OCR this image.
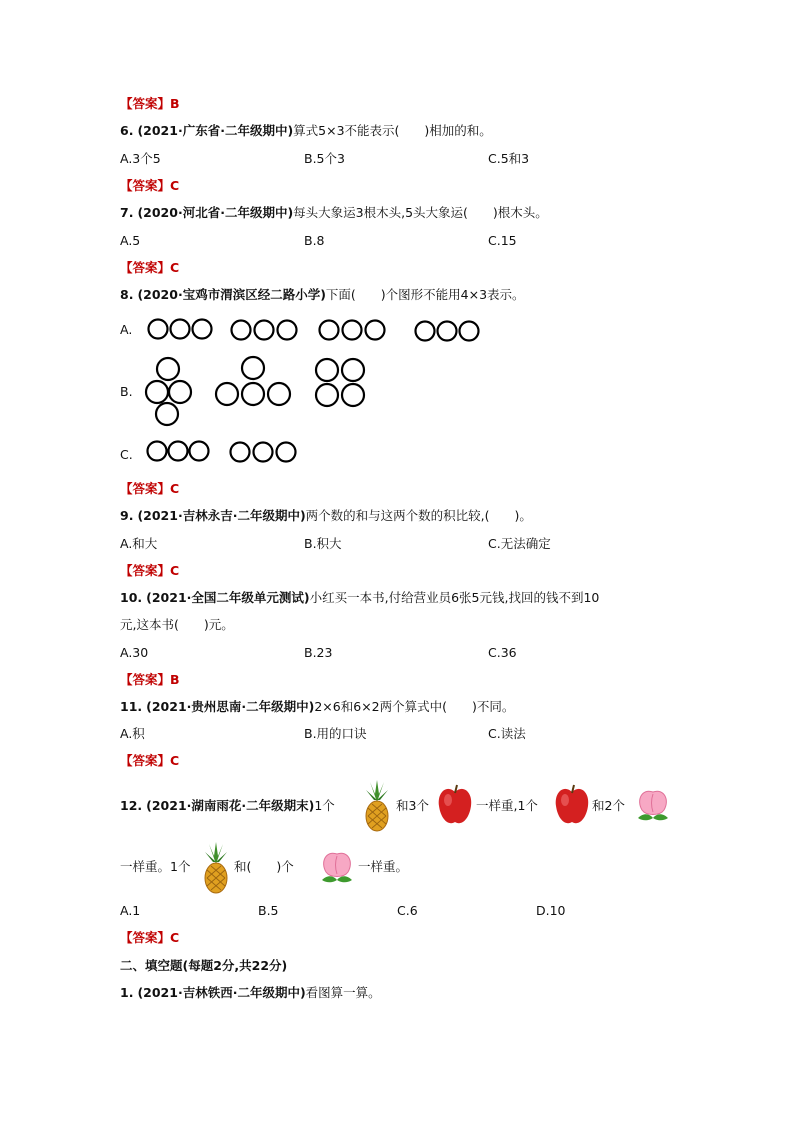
【答案】B
6. (2021·广东省·二年级期中)算式5×3不能表示(　　)相加的和。
A.3个5	B.5个3	C.5和3
【答案】C
7. (2020·河北省·二年级期中)每头大象运3根木头,5头大象运(　　)根木头。
A.5	B.8	C.15
【答案】C
8. (2020·宝鸡市渭滨区经二路小学)下面(　　)个图形不能用4×3表示。
A.
B.
C.
【答案】C
9. (2021·吉林永吉·二年级期中)两个数的和与这两个数的积比较,(　　)。
A.和大	B.积大	C.无法确定
【答案】C
10. (2021·全国二年级单元测试)小红买一本书,付给营业员6张5元钱,找回的钱不到10
元,这本书(　　)元。
A.30	B.23	C.36
【答案】B
11. (2021·贵州思南·二年级期中)2×6和6×2两个算式中(　　)不同。
A.积	B.用的口诀	C.读法
【答案】C
12. (2021·湖南雨花·二年级期末)1个	和3个	一样重,1个	和2个
一样重。1个	和(　　)个	一样重。
A.1	B.5	C.6	D.10
【答案】C
二、填空题(每题2分,共22分)
1. (2021·吉林铁西·二年级期中)看图算一算。
